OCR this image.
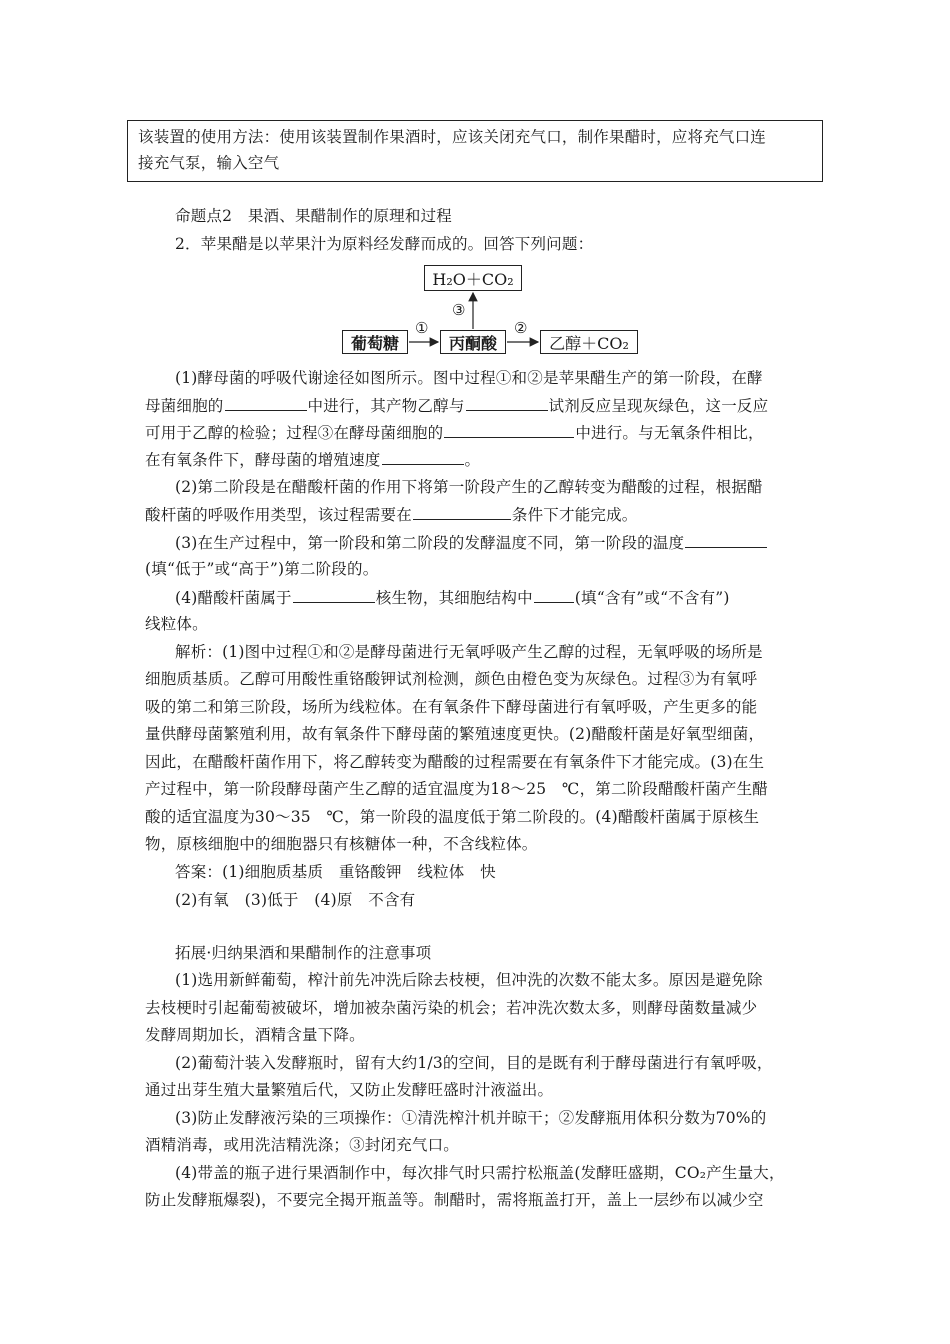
该装置的使用方法：使用该装置制作果酒时，应该关闭充气口，制作果醋时，应将充气口连
接充气泵，输入空气
命题点2　果酒、果醋制作的原理和过程
2．苹果醋是以苹果汁为原料经发酵而成的。回答下列问题：
H₂O＋CO₂
葡萄糖	丙酮酸	乙醇＋CO₂
①	②
③
(1)酵母菌的呼吸代谢途径如图所示。图中过程①和②是苹果醋生产的第一阶段，在酵
母菌细胞的	中进行，其产物乙醇与	试剂反应呈现灰绿色，这一反应
可用于乙醇的检验；过程③在酵母菌细胞的	中进行。与无氧条件相比，
在有氧条件下，酵母菌的增殖速度	。
(2)第二阶段是在醋酸杆菌的作用下将第一阶段产生的乙醇转变为醋酸的过程，根据醋
酸杆菌的呼吸作用类型，该过程需要在	条件下才能完成。
(3)在生产过程中，第一阶段和第二阶段的发酵温度不同，第一阶段的温度
(填“低于”或“高于”)第二阶段的。
(4)醋酸杆菌属于	核生物，其细胞结构中	(填“含有”或“不含有”)
线粒体。
解析：(1)图中过程①和②是酵母菌进行无氧呼吸产生乙醇的过程，无氧呼吸的场所是
细胞质基质。乙醇可用酸性重铬酸钾试剂检测，颜色由橙色变为灰绿色。过程③为有氧呼
吸的第二和第三阶段，场所为线粒体。在有氧条件下酵母菌进行有氧呼吸，产生更多的能
量供酵母菌繁殖利用，故有氧条件下酵母菌的繁殖速度更快。(2)醋酸杆菌是好氧型细菌，
因此，在醋酸杆菌作用下，将乙醇转变为醋酸的过程需要在有氧条件下才能完成。(3)在生
产过程中，第一阶段酵母菌产生乙醇的适宜温度为18～25　℃，第二阶段醋酸杆菌产生醋
酸的适宜温度为30～35　℃，第一阶段的温度低于第二阶段的。(4)醋酸杆菌属于原核生
物，原核细胞中的细胞器只有核糖体一种，不含线粒体。
答案：(1)细胞质基质　重铬酸钾　线粒体　快
(2)有氧　(3)低于　(4)原　不含有
拓展·归纳果酒和果醋制作的注意事项
(1)选用新鲜葡萄，榨汁前先冲洗后除去枝梗，但冲洗的次数不能太多。原因是避免除
去枝梗时引起葡萄被破坏，增加被杂菌污染的机会；若冲洗次数太多，则酵母菌数量减少
发酵周期加长，酒精含量下降。
(2)葡萄汁装入发酵瓶时，留有大约1/3的空间，目的是既有利于酵母菌进行有氧呼吸，
通过出芽生殖大量繁殖后代，又防止发酵旺盛时汁液溢出。
(3)防止发酵液污染的三项操作：①清洗榨汁机并晾干；②发酵瓶用体积分数为70%的
酒精消毒，或用洗洁精洗涤；③封闭充气口。
(4)带盖的瓶子进行果酒制作中，每次排气时只需拧松瓶盖(发酵旺盛期，CO₂产生量大，
防止发酵瓶爆裂)，不要完全揭开瓶盖等。制醋时，需将瓶盖打开，盖上一层纱布以减少空
